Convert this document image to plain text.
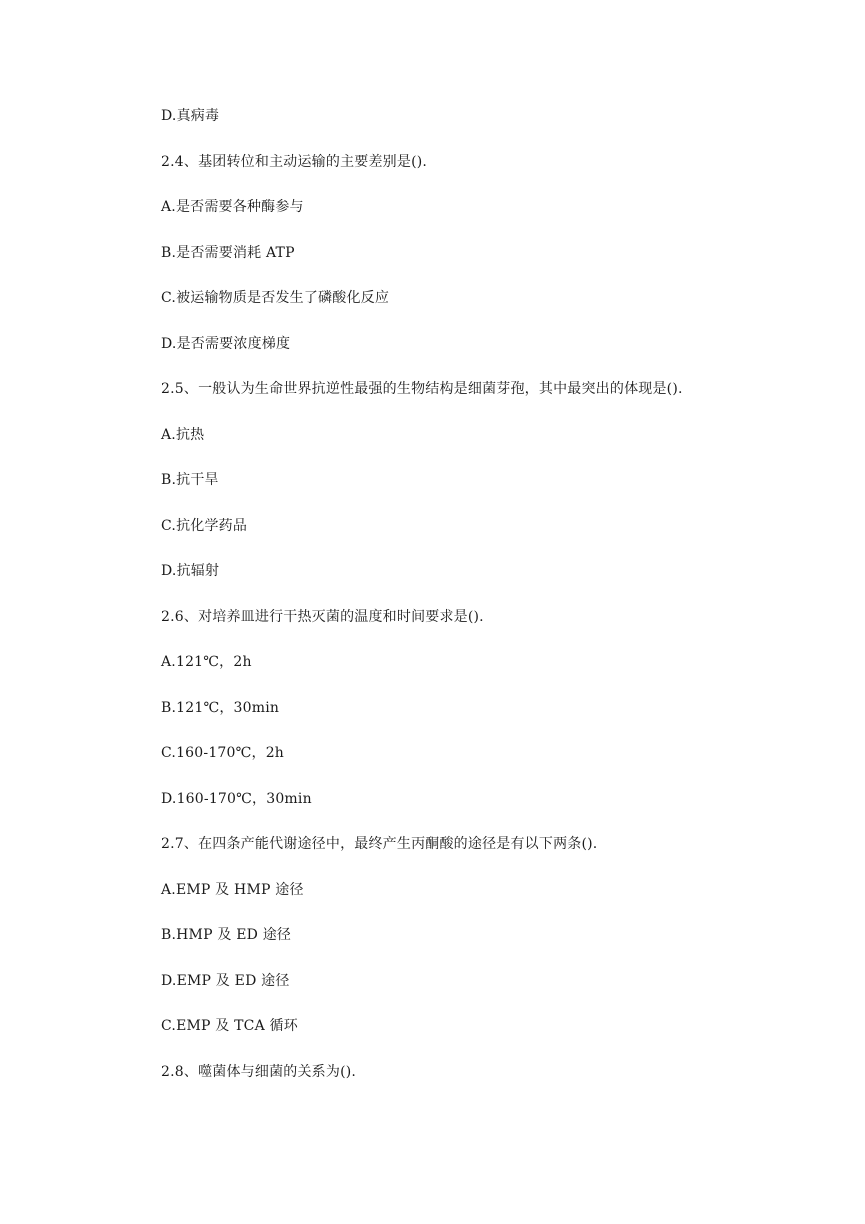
D.真病毒
2.4、基团转位和主动运输的主要差别是().
A.是否需要各种酶参与
B.是否需要消耗 ATP
C.被运输物质是否发生了磷酸化反应
D.是否需要浓度梯度
2.5、一般认为生命世界抗逆性最强的生物结构是细菌芽孢，其中最突出的体现是().
A.抗热
B.抗干旱
C.抗化学药品
D.抗辐射
2.6、对培养皿进行干热灭菌的温度和时间要求是().
A.121℃，2h
B.121℃，30min
C.160-170℃，2h
D.160-170℃，30min
2.7、在四条产能代谢途径中，最终产生丙酮酸的途径是有以下两条().
A.EMP 及 HMP 途径
B.HMP 及 ED 途径
D.EMP 及 ED 途径
C.EMP 及 TCA 循环
2.8、噬菌体与细菌的关系为().
